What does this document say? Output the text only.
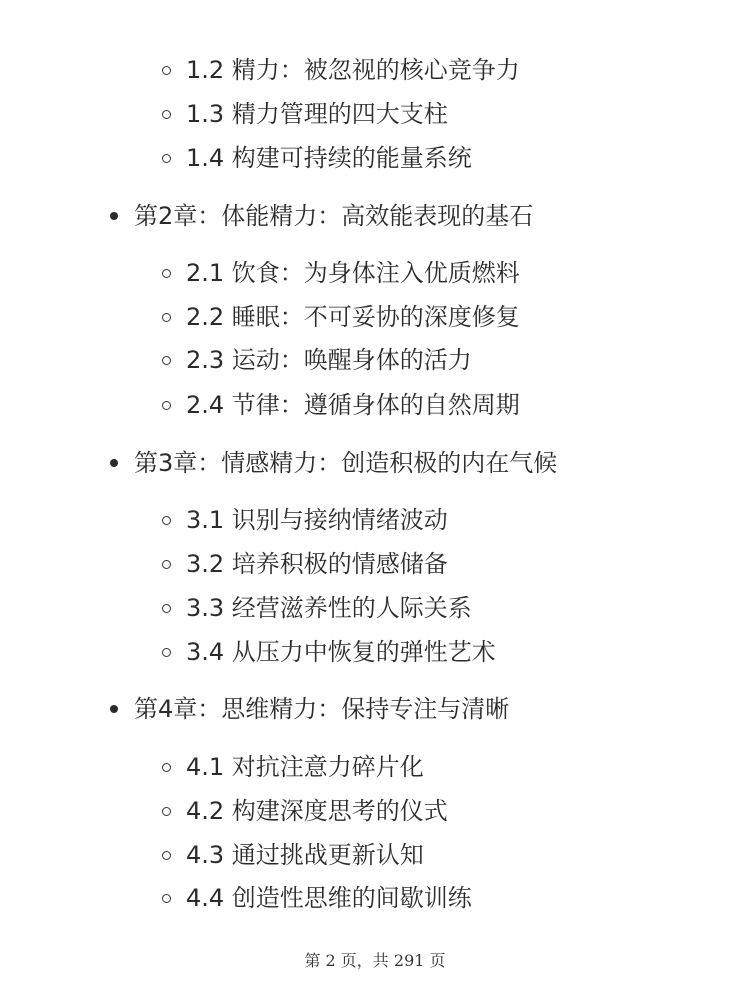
1.2 精力：被忽视的核心竞争力
1.3 精力管理的四大支柱
1.4 构建可持续的能量系统
第2章：体能精力：高效能表现的基石
2.1 饮食：为身体注入优质燃料
2.2 睡眠：不可妥协的深度修复
2.3 运动：唤醒身体的活力
2.4 节律：遵循身体的自然周期
第3章：情感精力：创造积极的内在气候
3.1 识别与接纳情绪波动
3.2 培养积极的情感储备
3.3 经营滋养性的人际关系
3.4 从压力中恢复的弹性艺术
第4章：思维精力：保持专注与清晰
4.1 对抗注意力碎片化
4.2 构建深度思考的仪式
4.3 通过挑战更新认知
4.4 创造性思维的间歇训练
第 2 页，共 291 页
